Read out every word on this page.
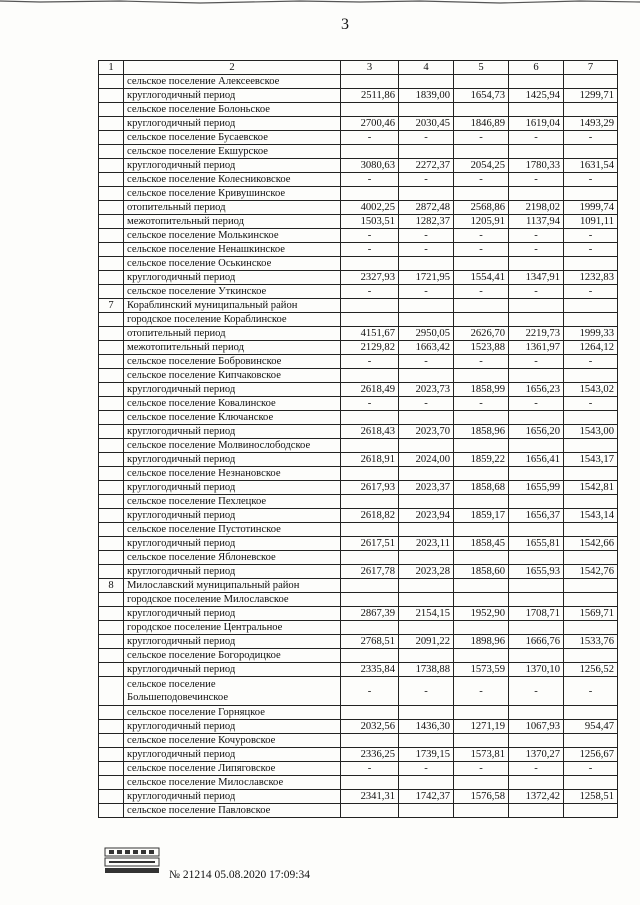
3
1	2	3	4	5	6	7
	сельское поселение Алексеевское					
	круглогодичный период	2511,86	1839,00	1654,73	1425,94	1299,71
	сельское поселение Болоньское					
	круглогодичный период	2700,46	2030,45	1846,89	1619,04	1493,29
	сельское поселение Бусаевское	-	-	-	-	-
	сельское поселение Екшурское					
	круглогодичный период	3080,63	2272,37	2054,25	1780,33	1631,54
	сельское поселение Колесниковское	-	-	-	-	-
	сельское поселение Кривушинское					
	отопительный период	4002,25	2872,48	2568,86	2198,02	1999,74
	межотопительный период	1503,51	1282,37	1205,91	1137,94	1091,11
	сельское поселение Молькинское	-	-	-	-	-
	сельское поселение Ненашкинское	-	-	-	-	-
	сельское поселение Оськинское					
	круглогодичный период	2327,93	1721,95	1554,41	1347,91	1232,83
	сельское поселение Уткинское	-	-	-	-	-
7	Кораблинский муниципальный район					
	городское поселение Кораблинское					
	отопительный период	4151,67	2950,05	2626,70	2219,73	1999,33
	межотопительный период	2129,82	1663,42	1523,88	1361,97	1264,12
	сельское поселение Бобровинское	-	-	-	-	-
	сельское поселение Кипчаковское					
	круглогодичный период	2618,49	2023,73	1858,99	1656,23	1543,02
	сельское поселение Ковалинское	-	-	-	-	-
	сельское поселение Ключанское					
	круглогодичный период	2618,43	2023,70	1858,96	1656,20	1543,00
	сельское поселение Молвинослободское					
	круглогодичный период	2618,91	2024,00	1859,22	1656,41	1543,17
	сельское поселение Незнановское					
	круглогодичный период	2617,93	2023,37	1858,68	1655,99	1542,81
	сельское поселение Пехлецкое					
	круглогодичный период	2618,82	2023,94	1859,17	1656,37	1543,14
	сельское поселение Пустотинское					
	круглогодичный период	2617,51	2023,11	1858,45	1655,81	1542,66
	сельское поселение Яблоневское					
	круглогодичный период	2617,78	2023,28	1858,60	1655,93	1542,76
8	Милославский муниципальный район					
	городское поселение Милославское					
	круглогодичный период	2867,39	2154,15	1952,90	1708,71	1569,71
	городское поселение Центральное					
	круглогодичный период	2768,51	2091,22	1898,96	1666,76	1533,76
	сельское поселение Богородицкое					
	круглогодичный период	2335,84	1738,88	1573,59	1370,10	1256,52
	сельское поселение
Большеподовечинское	-	-	-	-	-
	сельское поселение Горняцкое					
	круглогодичный период	2032,56	1436,30	1271,19	1067,93	954,47
	сельское поселение Кочуровское					
	круглогодичный период	2336,25	1739,15	1573,81	1370,27	1256,67
	сельское поселение Липяговское	-	-	-	-	-
	сельское поселение Милославское					
	круглогодичный период	2341,31	1742,37	1576,58	1372,42	1258,51
	сельское поселение Павловское					
№ 21214 05.08.2020 17:09:34
